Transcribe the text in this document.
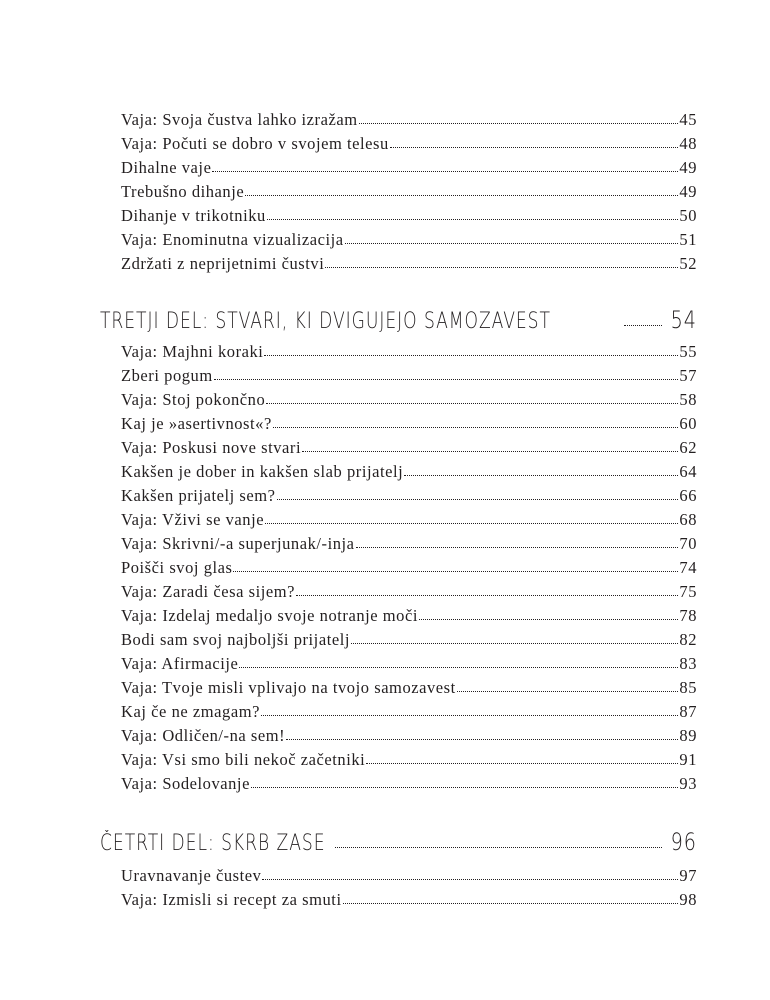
Vaja: Svoja čustva lahko izražam	45
Vaja: Počuti se dobro v svojem telesu	48
Dihalne vaje	49
Trebušno dihanje	49
Dihanje v trikotniku	50
Vaja: Enominutna vizualizacija	51
Zdržati z neprijetnimi čustvi	52
TRETJI DEL: STVARI, KI DVIGUJEJO SAMOZAVEST	54
Vaja: Majhni koraki	55
Zberi pogum	57
Vaja: Stoj pokončno	58
Kaj je »asertivnost«?	60
Vaja: Poskusi nove stvari	62
Kakšen je dober in kakšen slab prijatelj	64
Kakšen prijatelj sem?	66
Vaja: Vživi se vanje	68
Vaja: Skrivni/-a superjunak/-inja	70
Poišči svoj glas	74
Vaja: Zaradi česa sijem?	75
Vaja: Izdelaj medaljo svoje notranje moči	78
Bodi sam svoj najboljši prijatelj	82
Vaja: Afirmacije	83
Vaja: Tvoje misli vplivajo na tvojo samozavest	85
Kaj če ne zmagam?	87
Vaja: Odličen/-na sem!	89
Vaja: Vsi smo bili nekoč začetniki	91
Vaja: Sodelovanje	93
ČETRTI DEL: SKRB ZASE	96
Uravnavanje čustev	97
Vaja: Izmisli si recept za smuti	98
